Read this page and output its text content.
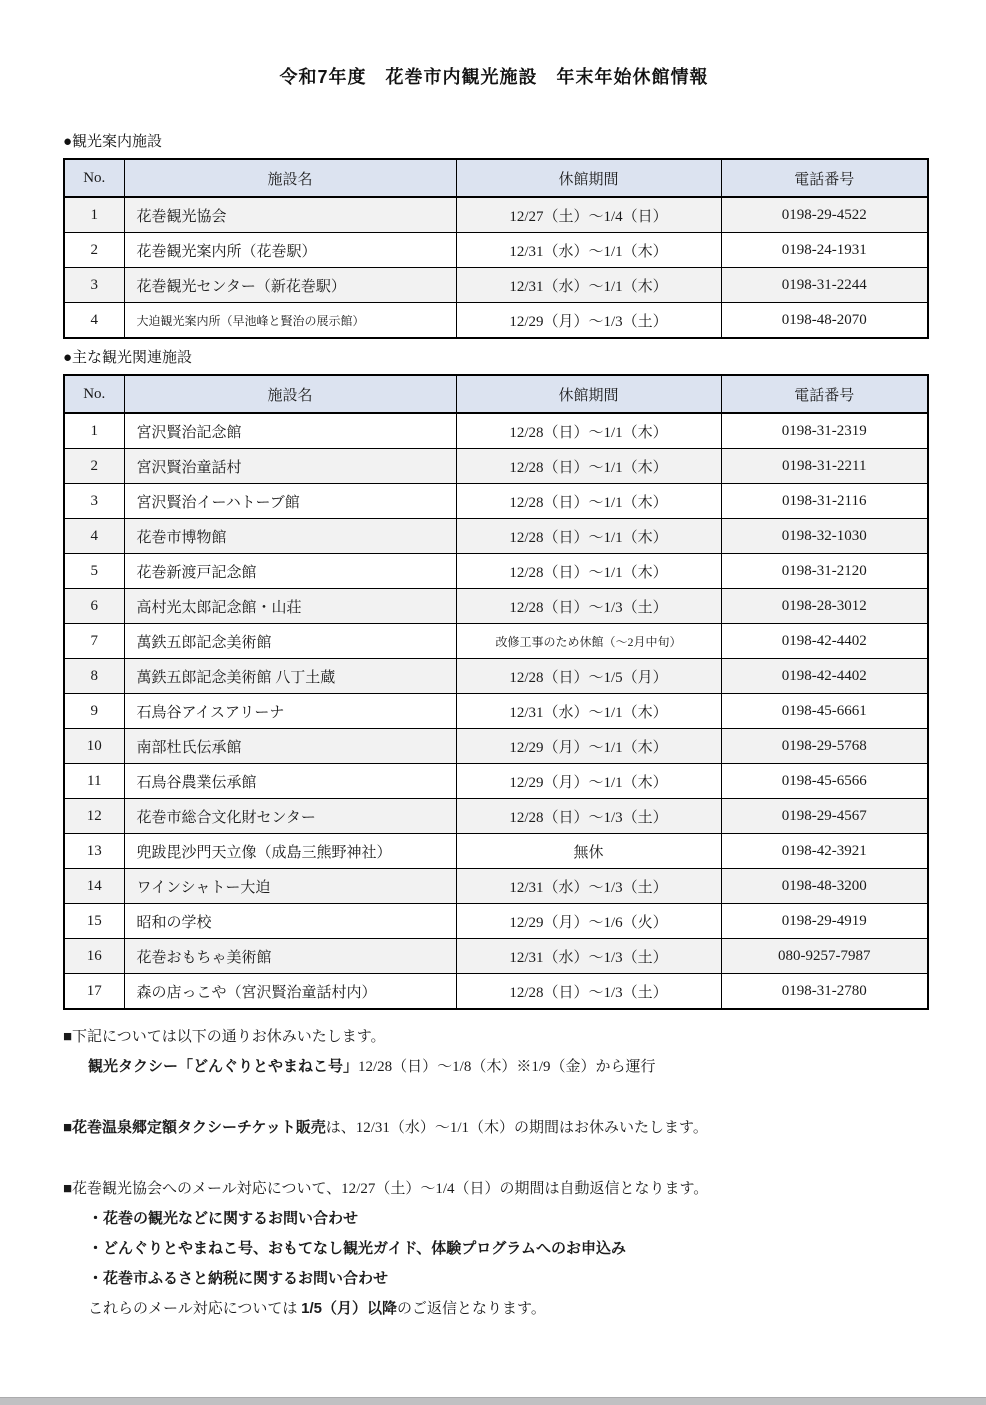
令和7年度　花巻市内観光施設　年末年始休館情報
●観光案内施設
No.	施設名	休館期間	電話番号
1	花巻観光協会	12/27（土）～1/4（日）	0198-29-4522
2	花巻観光案内所（花巻駅）	12/31（水）～1/1（木）	0198-24-1931
3	花巻観光センター（新花巻駅）	12/31（水）～1/1（木）	0198-31-2244
4	大迫観光案内所（早池峰と賢治の展示館）	12/29（月）～1/3（土）	0198-48-2070
●主な観光関連施設
No.	施設名	休館期間	電話番号
1	宮沢賢治記念館	12/28（日）～1/1（木）	0198-31-2319
2	宮沢賢治童話村	12/28（日）～1/1（木）	0198-31-2211
3	宮沢賢治イーハトーブ館	12/28（日）～1/1（木）	0198-31-2116
4	花巻市博物館	12/28（日）～1/1（木）	0198-32-1030
5	花巻新渡戸記念館	12/28（日）～1/1（木）	0198-31-2120
6	高村光太郎記念館・山荘	12/28（日）～1/3（土）	0198-28-3012
7	萬鉄五郎記念美術館	改修工事のため休館（～2月中旬）	0198-42-4402
8	萬鉄五郎記念美術館 八丁土蔵	12/28（日）～1/5（月）	0198-42-4402
9	石鳥谷アイスアリーナ	12/31（水）～1/1（木）	0198-45-6661
10	南部杜氏伝承館	12/29（月）～1/1（木）	0198-29-5768
11	石鳥谷農業伝承館	12/29（月）～1/1（木）	0198-45-6566
12	花巻市総合文化財センター	12/28（日）～1/3（土）	0198-29-4567
13	兜跋毘沙門天立像（成島三熊野神社）	無休	0198-42-3921
14	ワインシャトー大迫	12/31（水）～1/3（土）	0198-48-3200
15	昭和の学校	12/29（月）～1/6（火）	0198-29-4919
16	花巻おもちゃ美術館	12/31（水）～1/3（土）	080-9257-7987
17	森の店っこや（宮沢賢治童話村内）	12/28（日）～1/3（土）	0198-31-2780
■下記については以下の通りお休みいたします。
観光タクシー「どんぐりとやまねこ号」12/28（日）～1/8（木）※1/9（金）から運行
■花巻温泉郷定額タクシーチケット販売は、12/31（水）～1/1（木）の期間はお休みいたします。
■花巻観光協会へのメール対応について、12/27（土）～1/4（日）の期間は自動返信となります。
・花巻の観光などに関するお問い合わせ
・どんぐりとやまねこ号、おもてなし観光ガイド、体験プログラムへのお申込み
・花巻市ふるさと納税に関するお問い合わせ
これらのメール対応については 1/5（月）以降のご返信となります。
